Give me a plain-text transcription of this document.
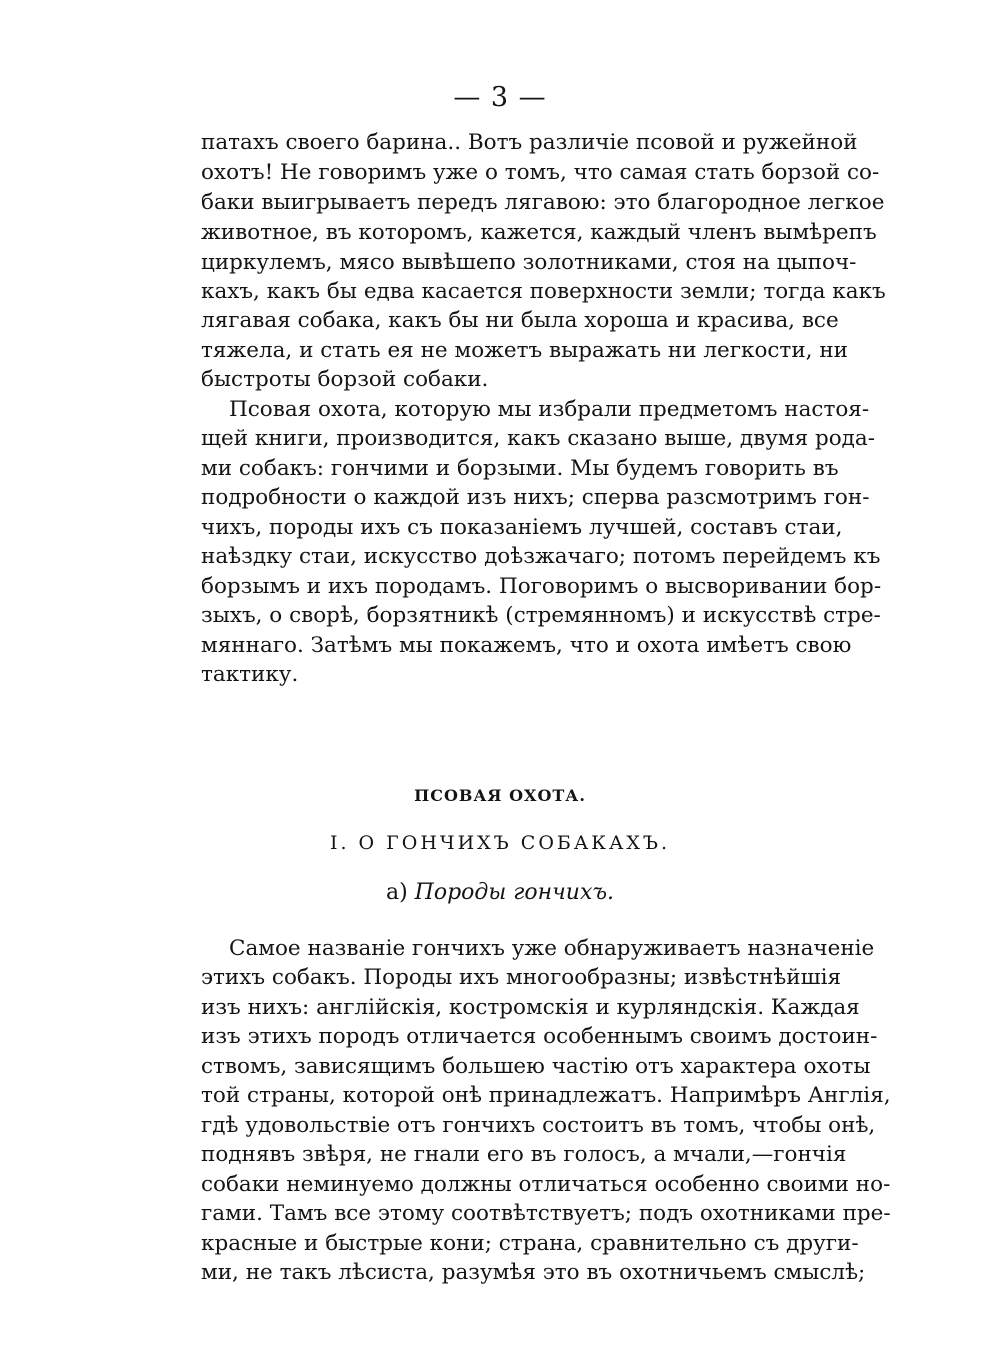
— 3 —
патахъ своего барина.. Вотъ различіе псовой и ружейной
охотъ! Не говоримъ уже о томъ, что самая стать борзой со-
баки выигрываетъ передъ лягавою: это благородное легкое
животное, въ которомъ, кажется, каждый членъ вымѣрепъ
циркулемъ, мясо вывѣшепо золотниками, стоя на цыпоч-
кахъ, какъ бы едва касается поверхности земли; тогда какъ
лягавая собака, какъ бы ни была хороша и красива, все
тяжела, и стать ея не можетъ выражать ни легкости, ни
быстроты борзой собаки.
Псовая охота, которую мы избрали предметомъ настоя-
щей книги, производится, какъ сказано выше, двумя рода-
ми собакъ: гончими и борзыми. Мы будемъ говорить въ
подробности о каждой изъ нихъ; сперва разсмотримъ гон-
чихъ, породы ихъ съ показаніемъ лучшей, составъ стаи,
наѣздку стаи, искусство доѣзжачаго; потомъ перейдемъ къ
борзымъ и ихъ породамъ. Поговоримъ о высворивании бор-
зыхъ, о сворѣ, борзятникѣ (стремянномъ) и искусствѣ стре-
мяннаго. Затѣмъ мы покажемъ, что и охота имѣетъ свою
тактику.
ПСОВАЯ ОХОТА.
I. О ГОНЧИХЪ СОБАКАХЪ.
а) Породы гончихъ.
Самое названіе гончихъ уже обнаруживаетъ назначеніе
этихъ собакъ. Породы ихъ многообразны; извѣстнѣйшія
изъ нихъ: англійскія, костромскія и курляндскія. Каждая
изъ этихъ породъ отличается особеннымъ своимъ достоин-
ствомъ, зависящимъ большею частію отъ характера охоты
той страны, которой онѣ принадлежатъ. Напримѣръ Англія,
гдѣ удовольствіе отъ гончихъ состоитъ въ томъ, чтобы онѣ,
поднявъ звѣря, не гнали его въ голосъ, а мчали,—гончія
собаки неминуемо должны отличаться особенно своими но-
гами. Тамъ все этому соотвѣтствуетъ; подъ охотниками пре-
красные и быстрые кони; страна, сравнительно съ други-
ми, не такъ лѣсиста, разумѣя это въ охотничьемъ смыслѣ;
